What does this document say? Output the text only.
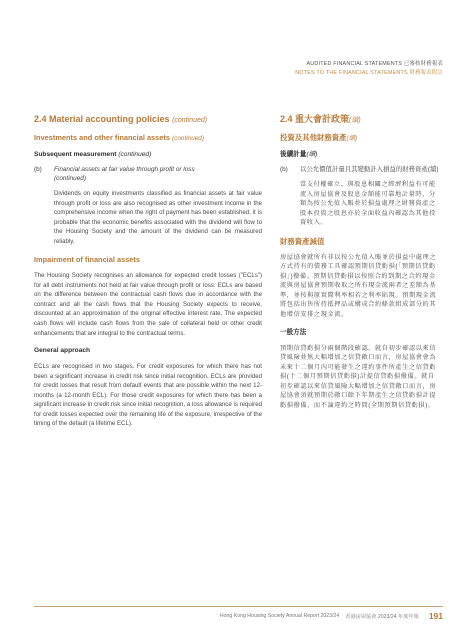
AUDITED FINANCIAL STATEMENTS 已審核財務報表
NOTES TO THE FINANCIAL STATEMENTS 財務報表附註
2.4 Material accounting policies (continued)
Investments and other financial assets (continued)
Subsequent measurement (continued)
(b)	Financial assets at fair value through profit or loss
(continued)
Dividends on equity investments classified as financial assets at fair value through profit or loss are also recognised as other investment income in the comprehensive income when the right of payment has been established, it is probable that the economic benefits associated with the dividend will flow to the Housing Society and the amount of the dividend can be measured reliably.
Impairment of financial assets
The Housing Society recognises an allowance for expected credit losses ("ECLs") for all debt instruments not held at fair value through profit or loss. ECLs are based on the difference between the contractual cash flows due in accordance with the contract and all the cash flows that the Housing Society expects to receive, discounted at an approximation of the original effective interest rate. The expected cash flows will include cash flows from the sale of collateral held or other credit enhancements that are integral to the contractual terms.
General approach
ECLs are recognised in two stages. For credit exposures for which there has not been a significant increase in credit risk since initial recognition, ECLs are provided for credit losses that result from default events that are possible within the next 12-months (a 12-month ECL). For those credit exposures for which there has been a significant increase in credit risk since initial recognition, a loss allowance is required for credit losses expected over the remaining life of the exposure, irrespective of the timing of the default (a lifetime ECL).
2.4 重大會計政策(續)
投資及其他財務資產(續)
後續計量(續)
(b)	以公允價值計量且其變動計入損益的財務資產(續)
當支付權確立、與股息相關之經濟利益有可能流入房屋協會及股息金額能可靠地計量時，分類為按公允值入賬並於損益處理之財務資產之股本投資之股息亦於全面收益內確認為其他投資收入。
財務資產減值
房屋協會就所有非以按公允值入賬並於損益中處理之方式持有的債務工具確認預期信貸虧損(「預期信貸虧損」)撥備。預期信貸虧損以按照合約到期之合約現金流與房屋協會預期收取之所有現金流兩者之差額為基準，並按與原實際利率相若之利率貼現。預期現金流將包括出售所持抵押品或構成合約條款組成部分的其他增信安排之現金流。
一般方法
預期信貸虧損分兩個階段確認。就自初步確認以來信貸風險並無大幅增加之信貸敞口而言，房屋協會會為未來十二個月內可能發生之違約事件所產生之信貸虧損(十二個月預期信貸虧損)計提信貸虧損撥備。就自初步確認以來信貸風險大幅增加之信貸敞口而言，房屋協會須就預期於敞口餘下年期產生之信貸虧損計提虧損撥備，而不論違約之時間(全期預期信貸虧損)。
Hong Kong Housing Society Annual Report 2023/24 香港房屋協會 2023/24 年度年報 191
